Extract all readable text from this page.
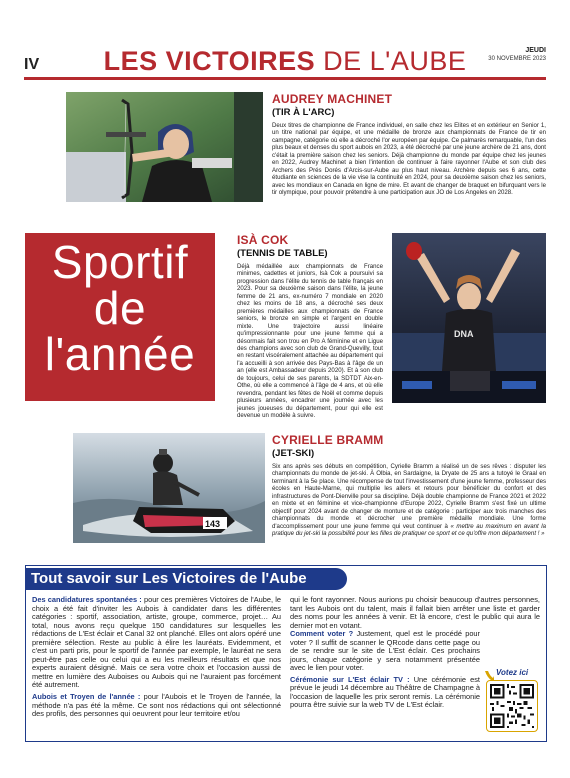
IV	LES VICTOIRES DE L'AUBE	JEUDI
30 NOVEMBRE 2023
AUDREY MACHINET
(TIR À L'ARC)
Deux titres de championne de France individuel, en salle chez les Elites et en extérieur en Senior 1, un titre national par équipe, et une médaille de bronze aux championnats de France de tir en campagne, catégorie où elle a décroché l'or européen par équipe. Ce palmarès remarquable, l'un des plus beaux et denses du sport aubois en 2023, a été décroché par une jeune archère de 21 ans, dont c'était la première saison chez les seniors. Déjà championne du monde par équipe chez les jeunes en 2022, Audrey Machinet a bien l'intention de continuer à faire rayonner l'Aube et son club des Archers des Prés Dorés d'Arcis-sur-Aube au plus haut niveau. Archère depuis ses 6 ans, cette étudiante en sciences de la vie vise la continuité en 2024, pour sa deuxième saison chez les seniors, avec les mondiaux en Canada en ligne de mire. Et avant de changer de braquet en bifurquant vers le tir olympique, pour pouvoir prétendre à une participation aux JO de Los Angeles en 2028.
Sportif
de
l'année
ISÀ COK
(TENNIS DE TABLE)
Déjà médaillée aux championnats de France minimes, cadettes et juniors, Isà Cok a poursuivi sa progression dans l'élite du tennis de table français en 2023. Pour sa deuxième saison dans l'élite, la jeune femme de 21 ans, ex-numéro 7 mondiale en 2020 chez les moins de 18 ans, a décroché ses deux premières médailles aux championnats de France seniors, le bronze en simple et l'argent en double mixte. Une trajectoire aussi linéaire qu'impressionnante pour une jeune femme qui a désormais fait son trou en Pro A féminine et en Ligue des champions avec son club de Grand-Quevilly, tout en restant viscéralement attachée au département qui l'a accueilli à son arrivée des Pays-Bas à l'âge de un an (elle est Ambassadeur depuis 2020). Et à son club de toujours, celui de ses parents, la SDTDT Aix-en-Othe, où elle a commencé à l'âge de 4 ans, et où elle revendra, pendant les fêtes de Noël et comme depuis plusieurs années, encadrer une journée avec les jeunes joueuses du département, pour qui elle est devenue un modèle à suivre.
DNA
143
CYRIELLE BRAMM
(JET-SKI)
Six ans après ses débuts en compétition, Cyrielle Bramm a réalisé un de ses rêves : disputer les championnats du monde de jet-ski. À Olbia, en Sardaigne, la Dryate de 25 ans a tutoyé le Graal en terminant à la 5e place. Une récompense de tout l'investissement d'une jeune femme, professeur des écoles en Haute-Marne, qui multiplie les allers et retours pour bénéficier du confort et des infrastructures de Pont-Dienville pour sa discipline. Déjà double championne de France 2021 et 2022 en mixte et en féminine et vice-championne d'Europe 2022, Cyrielle Bramm s'est fixé un ultime objectif pour 2024 avant de changer de monture et de catégorie : participer aux trois manches des championnats du monde et décrocher une première médaille mondiale. Une forme d'accomplissement pour une jeune femme qui veut continuer à « mettre au maximum en avant la pratique du jet-ski la possibilité pour les filles de pratiquer ce sport et ce qu'offre mon département ! »
Tout savoir sur Les Victoires de l'Aube

Des candidatures spontanées : pour ces premières Victoires de l'Aube, le choix a été fait d'inviter les Aubois à candidater dans les différentes catégories : sportif, association, artiste, groupe, commerce, projet… Au total, nous avons reçu quelque 150 candidatures sur lesquelles les rédactions de L'Est éclair et Canal 32 ont planché. Elles ont alors opéré une première sélection. Reste au public à élire les lauréats. Evidemment, et c'est un parti pris, pour le sportif de l'année par exemple, le lauréat ne sera peut-être pas celle ou celui qui a eu les meilleurs résultats et que nos experts auraient désigné. Mais ce sera votre choix et l'occasion aussi de mettre en lumière des Auboises ou Aubois qui ne l'auraient pas forcément été autrement.

Aubois et Troyen de l'année : pour l'Aubois et le Troyen de l'année, la méthode n'a pas été la même. Ce sont nos rédactions qui ont sélectionné des profils, des personnes qui oeuvrent pour leur territoire et/ou

qui le font rayonner. Nous aurions pu choisir beaucoup d'autres personnes, tant les Aubois ont du talent, mais il fallait bien arrêter une liste et garder des noms pour les années à venir. Et là encore, c'est le public qui aura le dernier mot en votant.

Comment voter ? Justement, quel est le procédé pour voter ? Il suffit de scanner le QRcode dans cette page ou de se rendre sur le site de L'Est éclair. Ces prochains jours, chaque catégorie y sera notamment présentée avec le lien pour voter.

Cérémonie sur L'Est éclair TV : Une cérémonie est prévue le jeudi 14 décembre au Théâtre de Champagne à l'occasion de laquelle les prix seront remis. La cérémonie pourra être suivie sur la web TV de L'Est éclair.

Votez ici
